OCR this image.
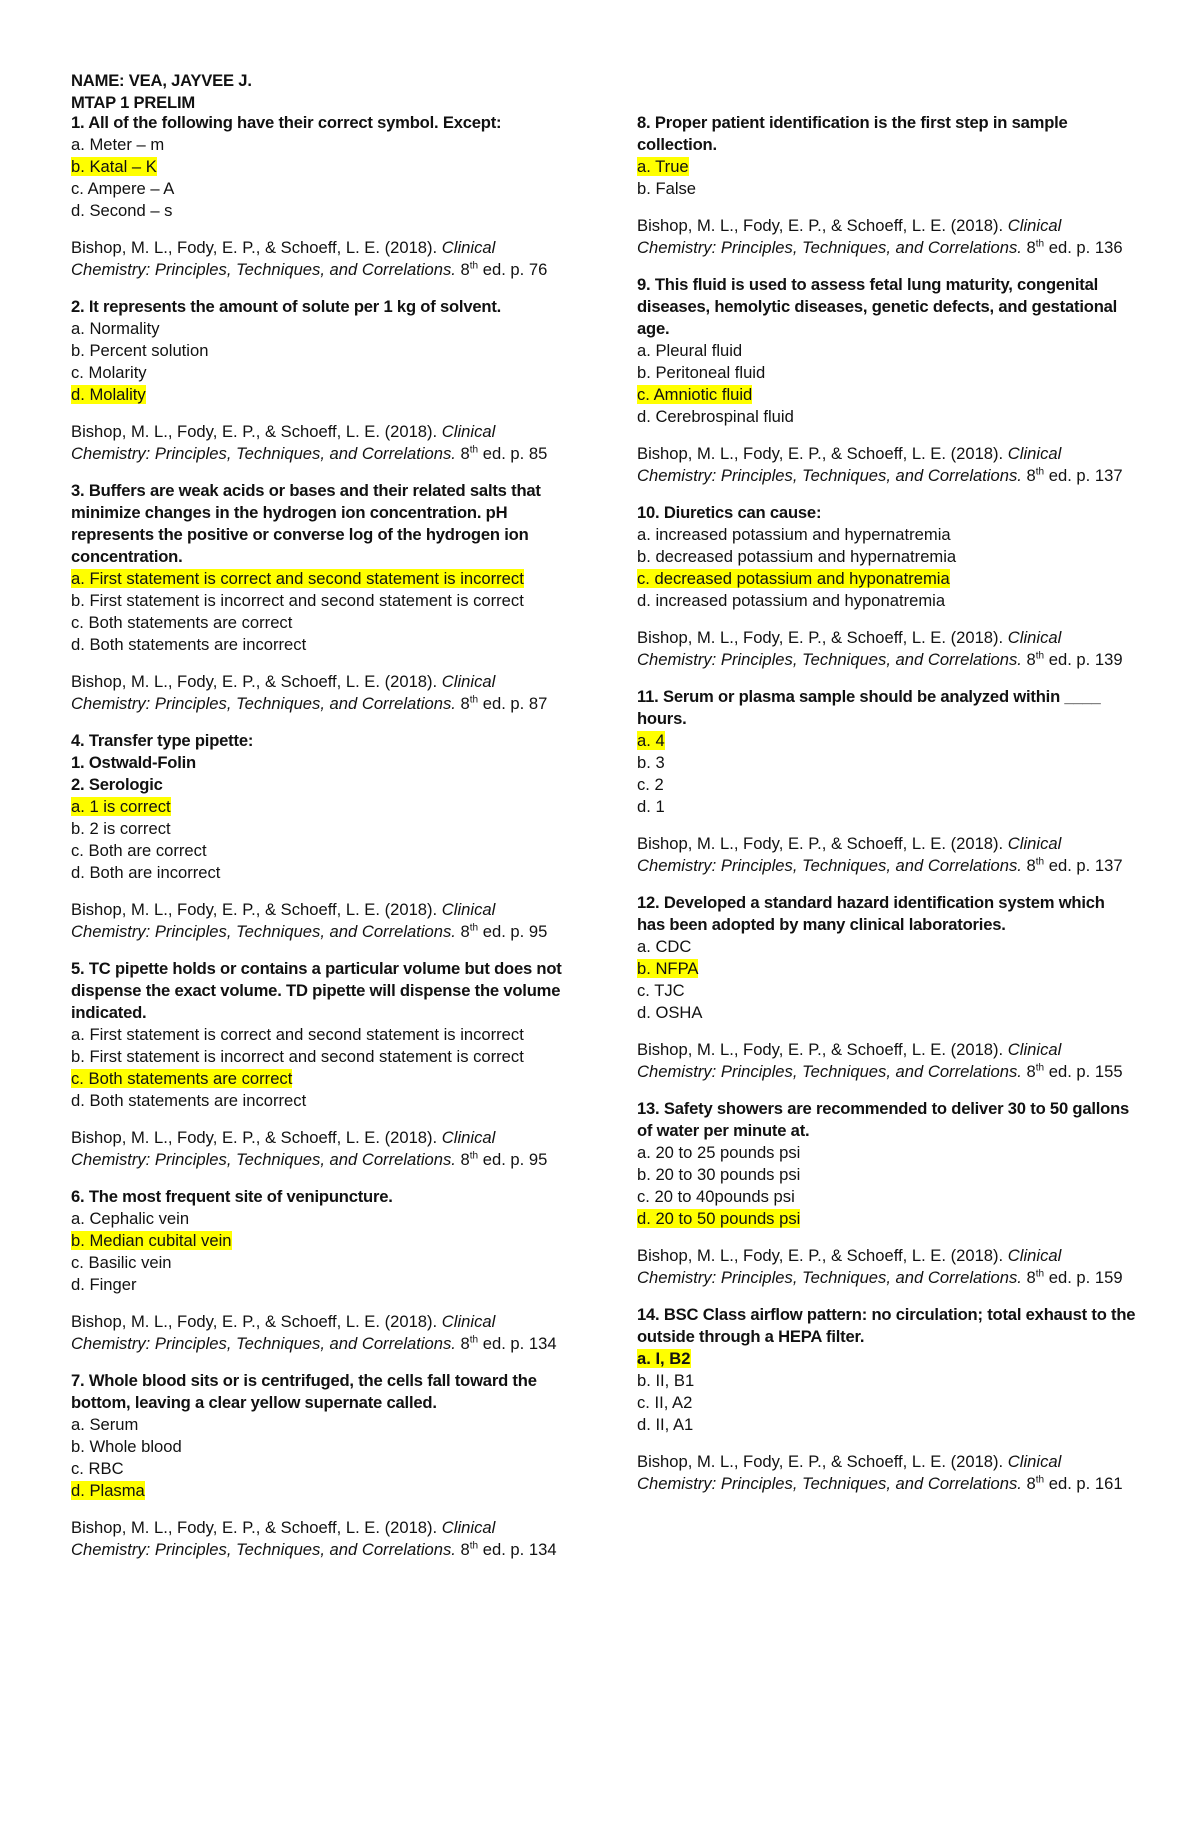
NAME: VEA, JAYVEE J.
MTAP 1 PRELIM
1. All of the following have their correct symbol. Except:
a. Meter – m
b. Katal – K
c. Ampere – A
d. Second – s
Bishop, M. L., Fody, E. P., & Schoeff, L. E. (2018). Clinical Chemistry: Principles, Techniques, and Correlations. 8th ed. p. 76
2. It represents the amount of solute per 1 kg of solvent.
a. Normality
b. Percent solution
c. Molarity
d. Molality
Bishop, M. L., Fody, E. P., & Schoeff, L. E. (2018). Clinical Chemistry: Principles, Techniques, and Correlations. 8th ed. p. 85
3. Buffers are weak acids or bases and their related salts that minimize changes in the hydrogen ion concentration. pH represents the positive or converse log of the hydrogen ion concentration.
a. First statement is correct and second statement is incorrect
b. First statement is incorrect and second statement is correct
c. Both statements are correct
d. Both statements are incorrect
Bishop, M. L., Fody, E. P., & Schoeff, L. E. (2018). Clinical Chemistry: Principles, Techniques, and Correlations. 8th ed. p. 87
4. Transfer type pipette:
1. Ostwald-Folin
2. Serologic
a. 1 is correct
b. 2 is correct
c. Both are correct
d. Both are incorrect
Bishop, M. L., Fody, E. P., & Schoeff, L. E. (2018). Clinical Chemistry: Principles, Techniques, and Correlations. 8th ed. p. 95
5. TC pipette holds or contains a particular volume but does not dispense the exact volume. TD pipette will dispense the volume indicated.
a. First statement is correct and second statement is incorrect
b. First statement is incorrect and second statement is correct
c. Both statements are correct
d. Both statements are incorrect
Bishop, M. L., Fody, E. P., & Schoeff, L. E. (2018). Clinical Chemistry: Principles, Techniques, and Correlations. 8th ed. p. 95
6. The most frequent site of venipuncture.
a. Cephalic vein
b. Median cubital vein
c. Basilic vein
d. Finger
Bishop, M. L., Fody, E. P., & Schoeff, L. E. (2018). Clinical Chemistry: Principles, Techniques, and Correlations. 8th ed. p. 134
7. Whole blood sits or is centrifuged, the cells fall toward the bottom, leaving a clear yellow supernate called.
a. Serum
b. Whole blood
c. RBC
d. Plasma
Bishop, M. L., Fody, E. P., & Schoeff, L. E. (2018). Clinical Chemistry: Principles, Techniques, and Correlations. 8th ed. p. 134
8. Proper patient identification is the first step in sample collection.
a. True
b. False
Bishop, M. L., Fody, E. P., & Schoeff, L. E. (2018). Clinical Chemistry: Principles, Techniques, and Correlations. 8th ed. p. 136
9. This fluid is used to assess fetal lung maturity, congenital diseases, hemolytic diseases, genetic defects, and gestational age.
a. Pleural fluid
b. Peritoneal fluid
c. Amniotic fluid
d. Cerebrospinal fluid
Bishop, M. L., Fody, E. P., & Schoeff, L. E. (2018). Clinical Chemistry: Principles, Techniques, and Correlations. 8th ed. p. 137
10. Diuretics can cause:
a. increased potassium and hypernatremia
b. decreased potassium and hypernatremia
c. decreased potassium and hyponatremia
d. increased potassium and hyponatremia
Bishop, M. L., Fody, E. P., & Schoeff, L. E. (2018). Clinical Chemistry: Principles, Techniques, and Correlations. 8th ed. p. 139
11. Serum or plasma sample should be analyzed within ____ hours.
a. 4
b. 3
c. 2
d. 1
Bishop, M. L., Fody, E. P., & Schoeff, L. E. (2018). Clinical Chemistry: Principles, Techniques, and Correlations. 8th ed. p. 137
12. Developed a standard hazard identification system which has been adopted by many clinical laboratories.
a. CDC
b. NFPA
c. TJC
d. OSHA
Bishop, M. L., Fody, E. P., & Schoeff, L. E. (2018). Clinical Chemistry: Principles, Techniques, and Correlations. 8th ed. p. 155
13. Safety showers are recommended to deliver 30 to 50 gallons of water per minute at.
a. 20 to 25 pounds psi
b. 20 to 30 pounds psi
c. 20 to 40pounds psi
d. 20 to 50 pounds psi
Bishop, M. L., Fody, E. P., & Schoeff, L. E. (2018). Clinical Chemistry: Principles, Techniques, and Correlations. 8th ed. p. 159
14. BSC Class airflow pattern: no circulation; total exhaust to the outside through a HEPA filter.
a. I, B2
b. II, B1
c. II, A2
d. II, A1
Bishop, M. L., Fody, E. P., & Schoeff, L. E. (2018). Clinical Chemistry: Principles, Techniques, and Correlations. 8th ed. p. 161
